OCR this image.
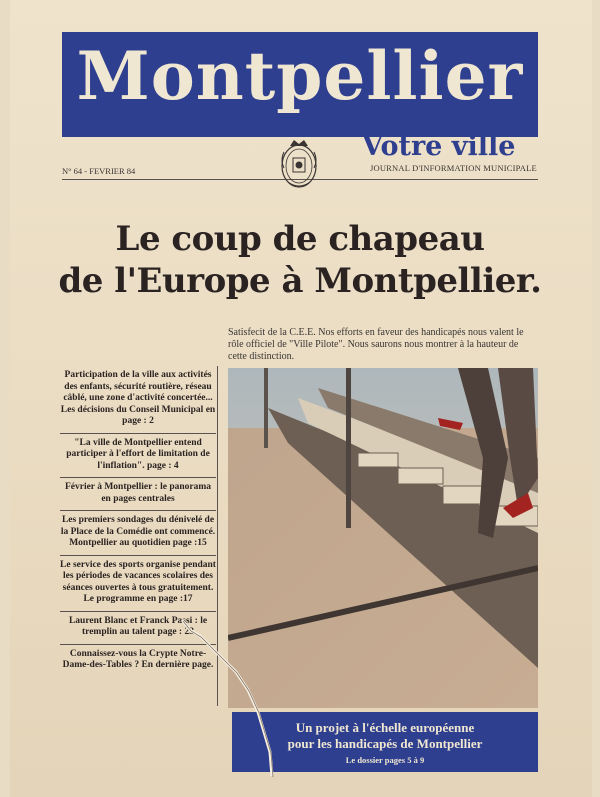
Montpellier
Votre ville
JOURNAL D'INFORMATION MUNICIPALE
N° 64 - FEVRIER 84
Le coup de chapeau
de l'Europe à Montpellier.
Satisfecit de la C.E.E. Nos efforts en faveur des handicapés nous valent le rôle officiel de "Ville Pilote". Nous saurons nous montrer à la hauteur de cette distinction.
Participation de la ville aux activités des enfants, sécurité routière, réseau câblé, une zone d'activité concertée... Les décisions du Conseil Municipal en page : 2
"La ville de Montpellier entend participer à l'effort de limitation de l'inflation". page : 4
Février à Montpellier : le panorama en pages centrales
Les premiers sondages du dénivelé de la Place de la Comédie ont commencé. Montpellier au quotidien page :15
Le service des sports organise pendant les périodes de vacances scolaires des séances ouvertes à tous gratuitement. Le programme en page :17
Laurent Blanc et Franck Passi : le tremplin au talent page : 23
Connaissez-vous la Crypte Notre-Dame-des-Tables ? En dernière page.
Un projet à l'échelle européenne
pour les handicapés de Montpellier
Le dossier pages 5 à 9
